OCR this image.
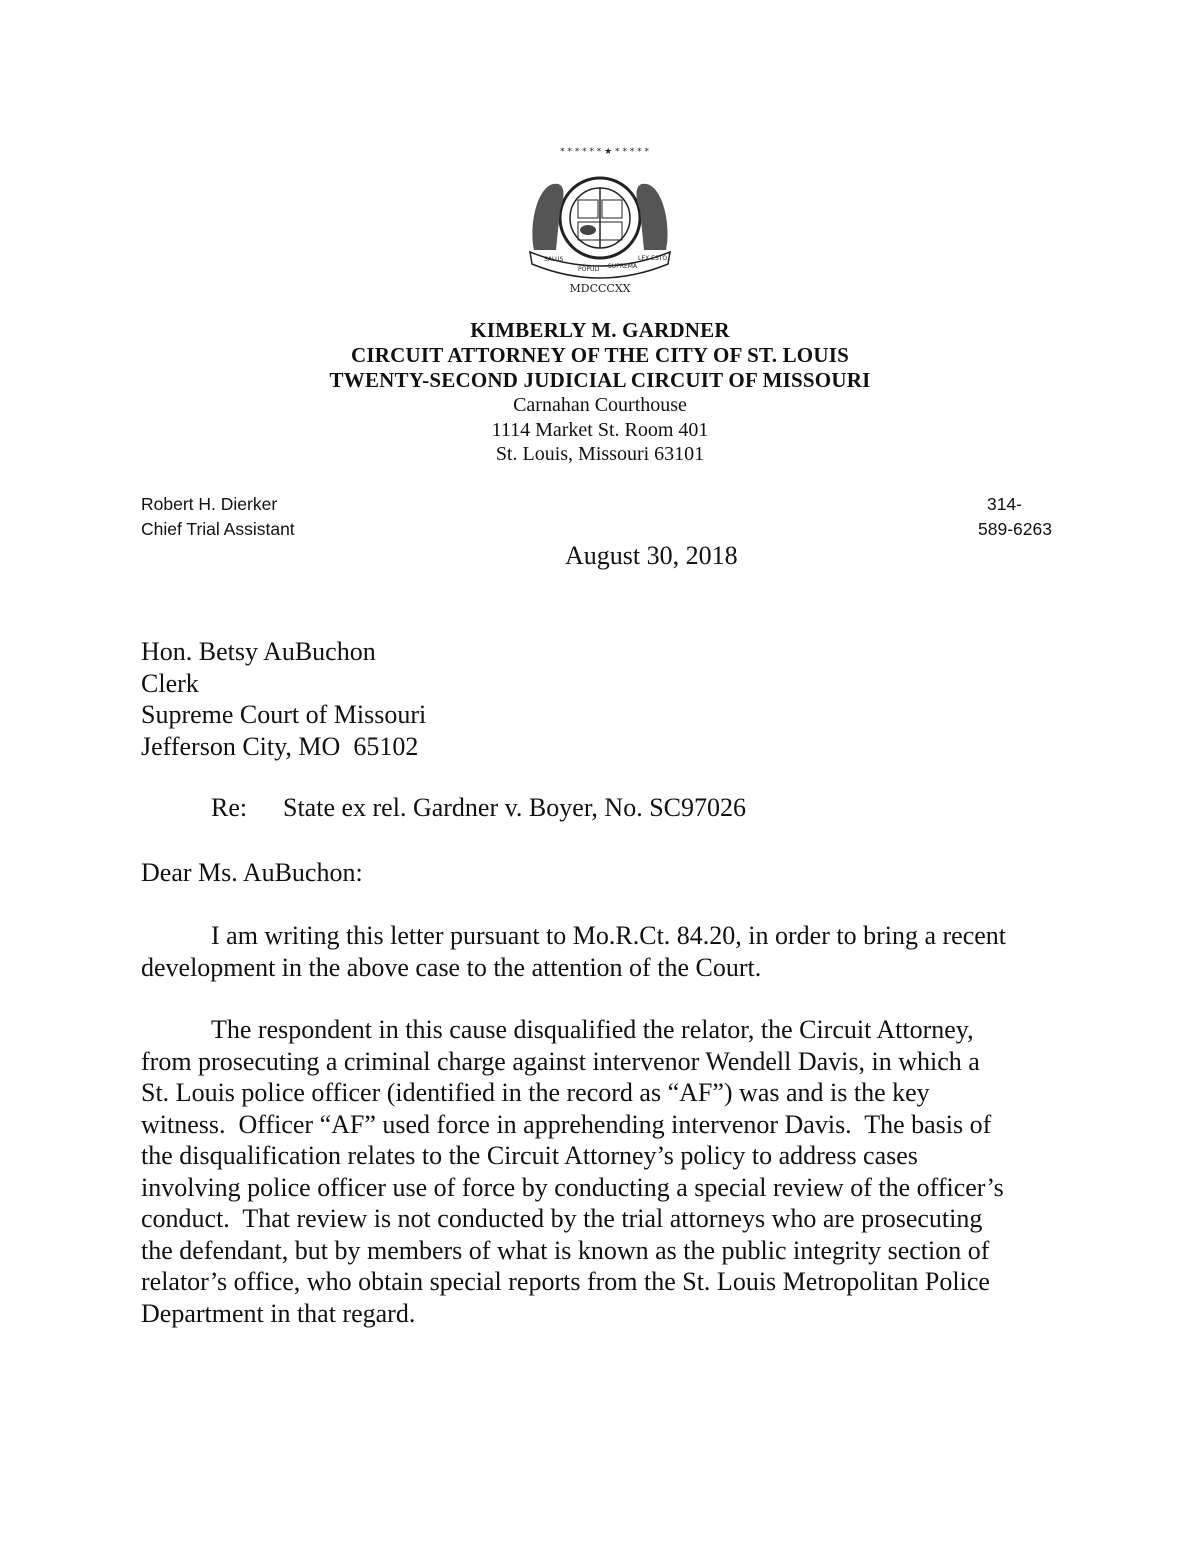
* * * * * * ★ * * * * *
MDCCCXX
SALUS
POPULI SUPREMA
LEX ESTO
KIMBERLY M. GARDNER
CIRCUIT ATTORNEY OF THE CITY OF ST. LOUIS
TWENTY-SECOND JUDICIAL CIRCUIT OF MISSOURI
Carnahan Courthouse
1114 Market St. Room 401
St. Louis, Missouri 63101
Robert H. Dierker
Chief Trial Assistant
314-
589-6263
August 30, 2018
Hon. Betsy AuBuchon
Clerk
Supreme Court of Missouri
Jefferson City, MO  65102
Re: State ex rel. Gardner v. Boyer, No. SC97026
Dear Ms. AuBuchon:
I am writing this letter pursuant to Mo.R.Ct. 84.20, in order to bring a recent
development in the above case to the attention of the Court.
The respondent in this cause disqualified the relator, the Circuit Attorney,
from prosecuting a criminal charge against intervenor Wendell Davis, in which a
St. Louis police officer (identified in the record as “AF”) was and is the key
witness.  Officer “AF” used force in apprehending intervenor Davis.  The basis of
the disqualification relates to the Circuit Attorney’s policy to address cases
involving police officer use of force by conducting a special review of the officer’s
conduct.  That review is not conducted by the trial attorneys who are prosecuting
the defendant, but by members of what is known as the public integrity section of
relator’s office, who obtain special reports from the St. Louis Metropolitan Police
Department in that regard.
